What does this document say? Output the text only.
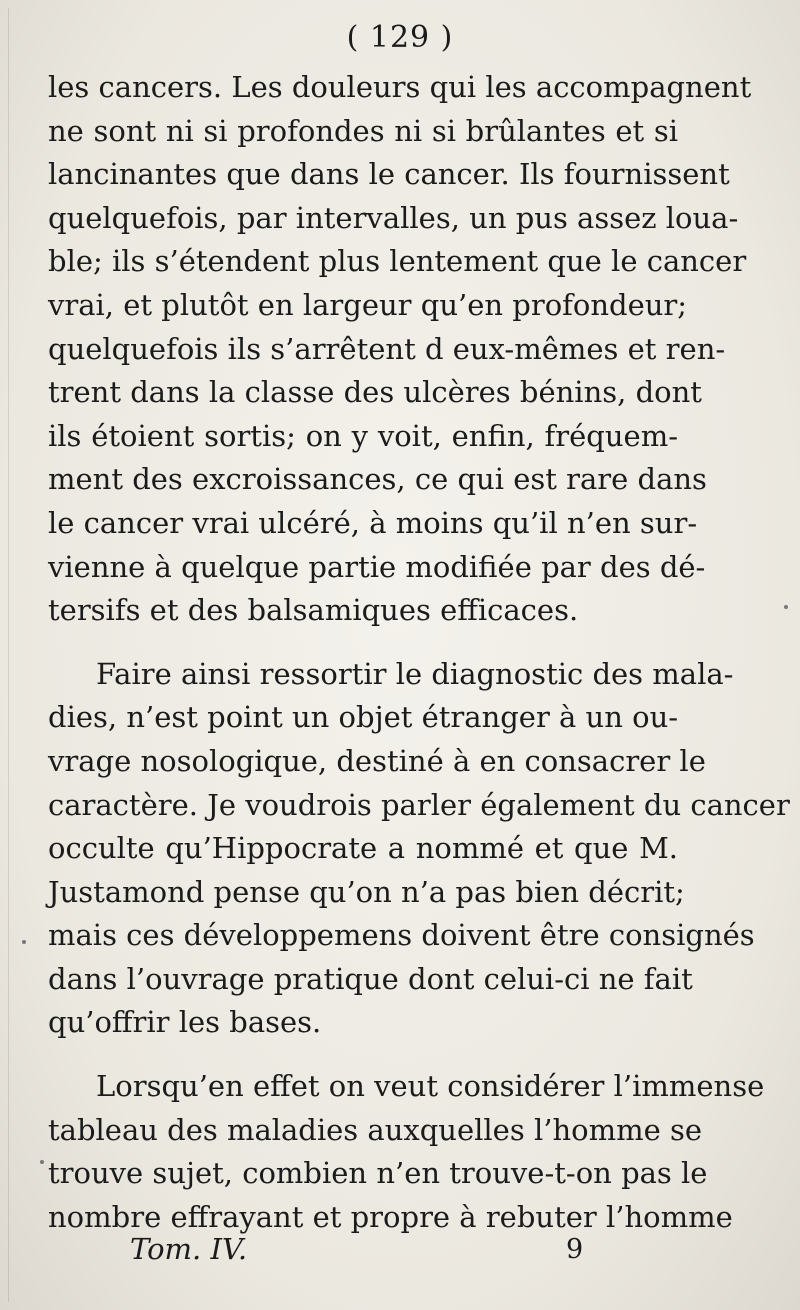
( 129 )
les cancers. Les douleurs qui les accompagnent
ne sont ni si profondes ni si brûlantes et si
lancinantes que dans le cancer. Ils fournissent
quelquefois, par intervalles, un pus assez loua-
ble; ils s’étendent plus lentement que le cancer
vrai, et plutôt en largeur qu’en profondeur;
quelquefois ils s’arrêtent d eux-mêmes et ren-
trent dans la classe des ulcères bénins, dont
ils étoient sortis; on y voit, enfin, fréquem-
ment des excroissances, ce qui est rare dans
le cancer vrai ulcéré, à moins qu’il n’en sur-
vienne à quelque partie modifiée par des dé-
tersifs et des balsamiques efficaces.
Faire ainsi ressortir le diagnostic des mala-
dies, n’est point un objet étranger à un ou-
vrage nosologique, destiné à en consacrer le
caractère. Je voudrois parler également du cancer
occulte qu’Hippocrate a nommé et que M.
Justamond pense qu’on n’a pas bien décrit;
mais ces développemens doivent être consignés
dans l’ouvrage pratique dont celui-ci ne fait
qu’offrir les bases.
Lorsqu’en effet on veut considérer l’immense
tableau des maladies auxquelles l’homme se
trouve sujet, combien n’en trouve-t-on pas le
nombre effrayant et propre à rebuter l’homme
Tom. IV.	9
